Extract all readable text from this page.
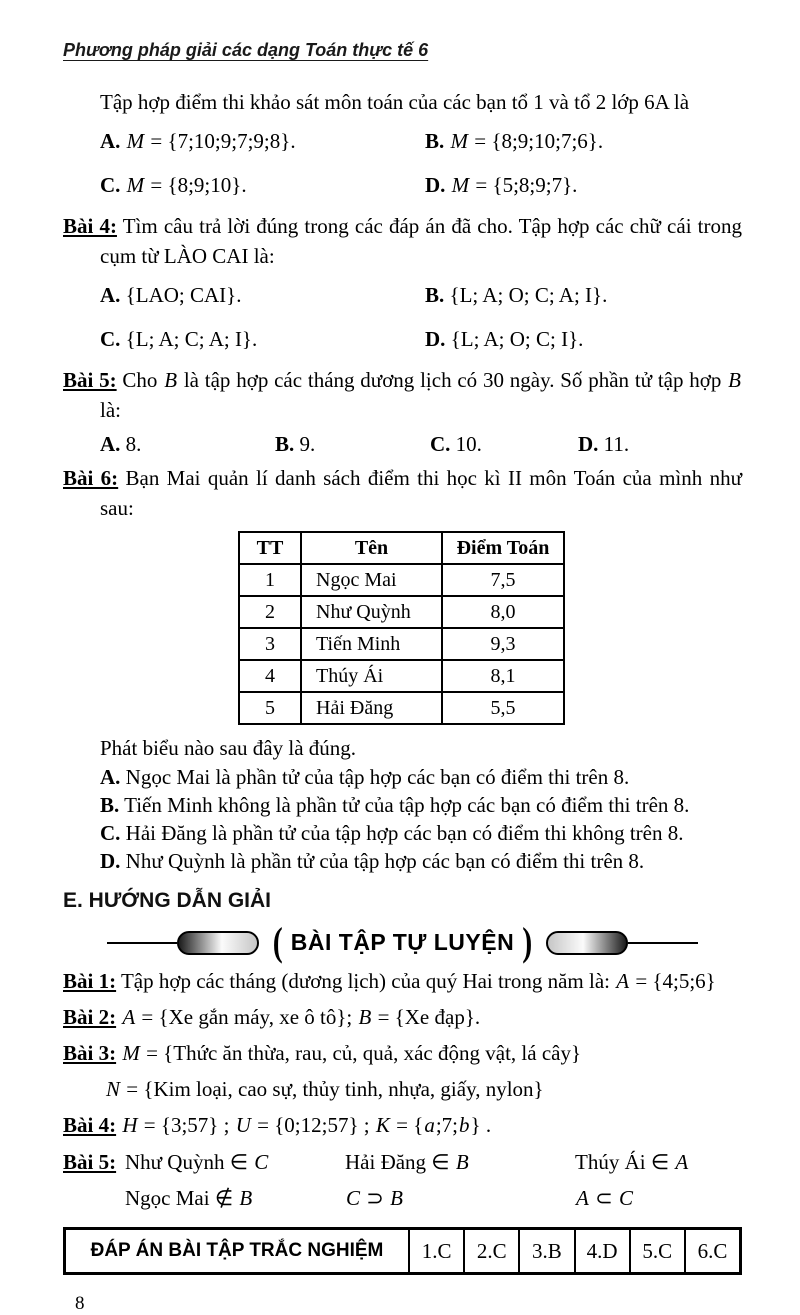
Phương pháp giải các dạng Toán thực tế 6
Tập hợp điểm thi khảo sát môn toán của các bạn tổ 1 và tổ 2 lớp 6A là
A. M = {7;10;9;7;9;8}.	B. M = {8;9;10;7;6}.
C. M = {8;9;10}.	D. M = {5;8;9;7}.
Bài 4: Tìm câu trả lời đúng trong các đáp án đã cho. Tập hợp các chữ cái trong cụm từ LÀO CAI là:
A. {LAO; CAI}.	B. {L; A; O; C; A; I}.
C. {L; A; C; A; I}.	D. {L; A; O; C; I}.
Bài 5: Cho B là tập hợp các tháng dương lịch có 30 ngày. Số phần tử tập hợp B là:
A. 8.	B. 9.	C. 10.	D. 11.
Bài 6: Bạn Mai quản lí danh sách điểm thi học kì II môn Toán của mình như sau:
TT	Tên	Điểm Toán
1	Ngọc Mai	7,5
2	Như Quỳnh	8,0
3	Tiến Minh	9,3
4	Thúy Ái	8,1
5	Hải Đăng	5,5
Phát biểu nào sau đây là đúng.
A. Ngọc Mai là phần tử của tập hợp các bạn có điểm thi trên 8.
B. Tiến Minh không là phần tử của tập hợp các bạn có điểm thi trên 8.
C. Hải Đăng là phần tử của tập hợp các bạn có điểm thi không trên 8.
D. Như Quỳnh là phần tử của tập hợp các bạn có điểm thi trên 8.
E. HƯỚNG DẪN GIẢI
( BÀI TẬP TỰ LUYỆN )
Bài 1: Tập hợp các tháng (dương lịch) của quý Hai trong năm là: A = {4;5;6}
Bài 2: A = {Xe gắn máy, xe ô tô}; B = {Xe đạp}.
Bài 3: M = {Thức ăn thừa, rau, củ, quả, xác động vật, lá cây}
N = {Kim loại, cao sự, thủy tinh, nhựa, giấy, nylon}
Bài 4: H = {3;57} ; U = {0;12;57} ; K = {a;7;b} .
Bài 5: Như Quỳnh ∈ C	Hải Đăng ∈ B	Thúy Ái ∈ A
Ngọc Mai ∉ B	C ⊃ B	A ⊂ C
ĐÁP ÁN BÀI TẬP TRẮC NGHIỆM	1.C	2.C	3.B	4.D	5.C	6.C
8
